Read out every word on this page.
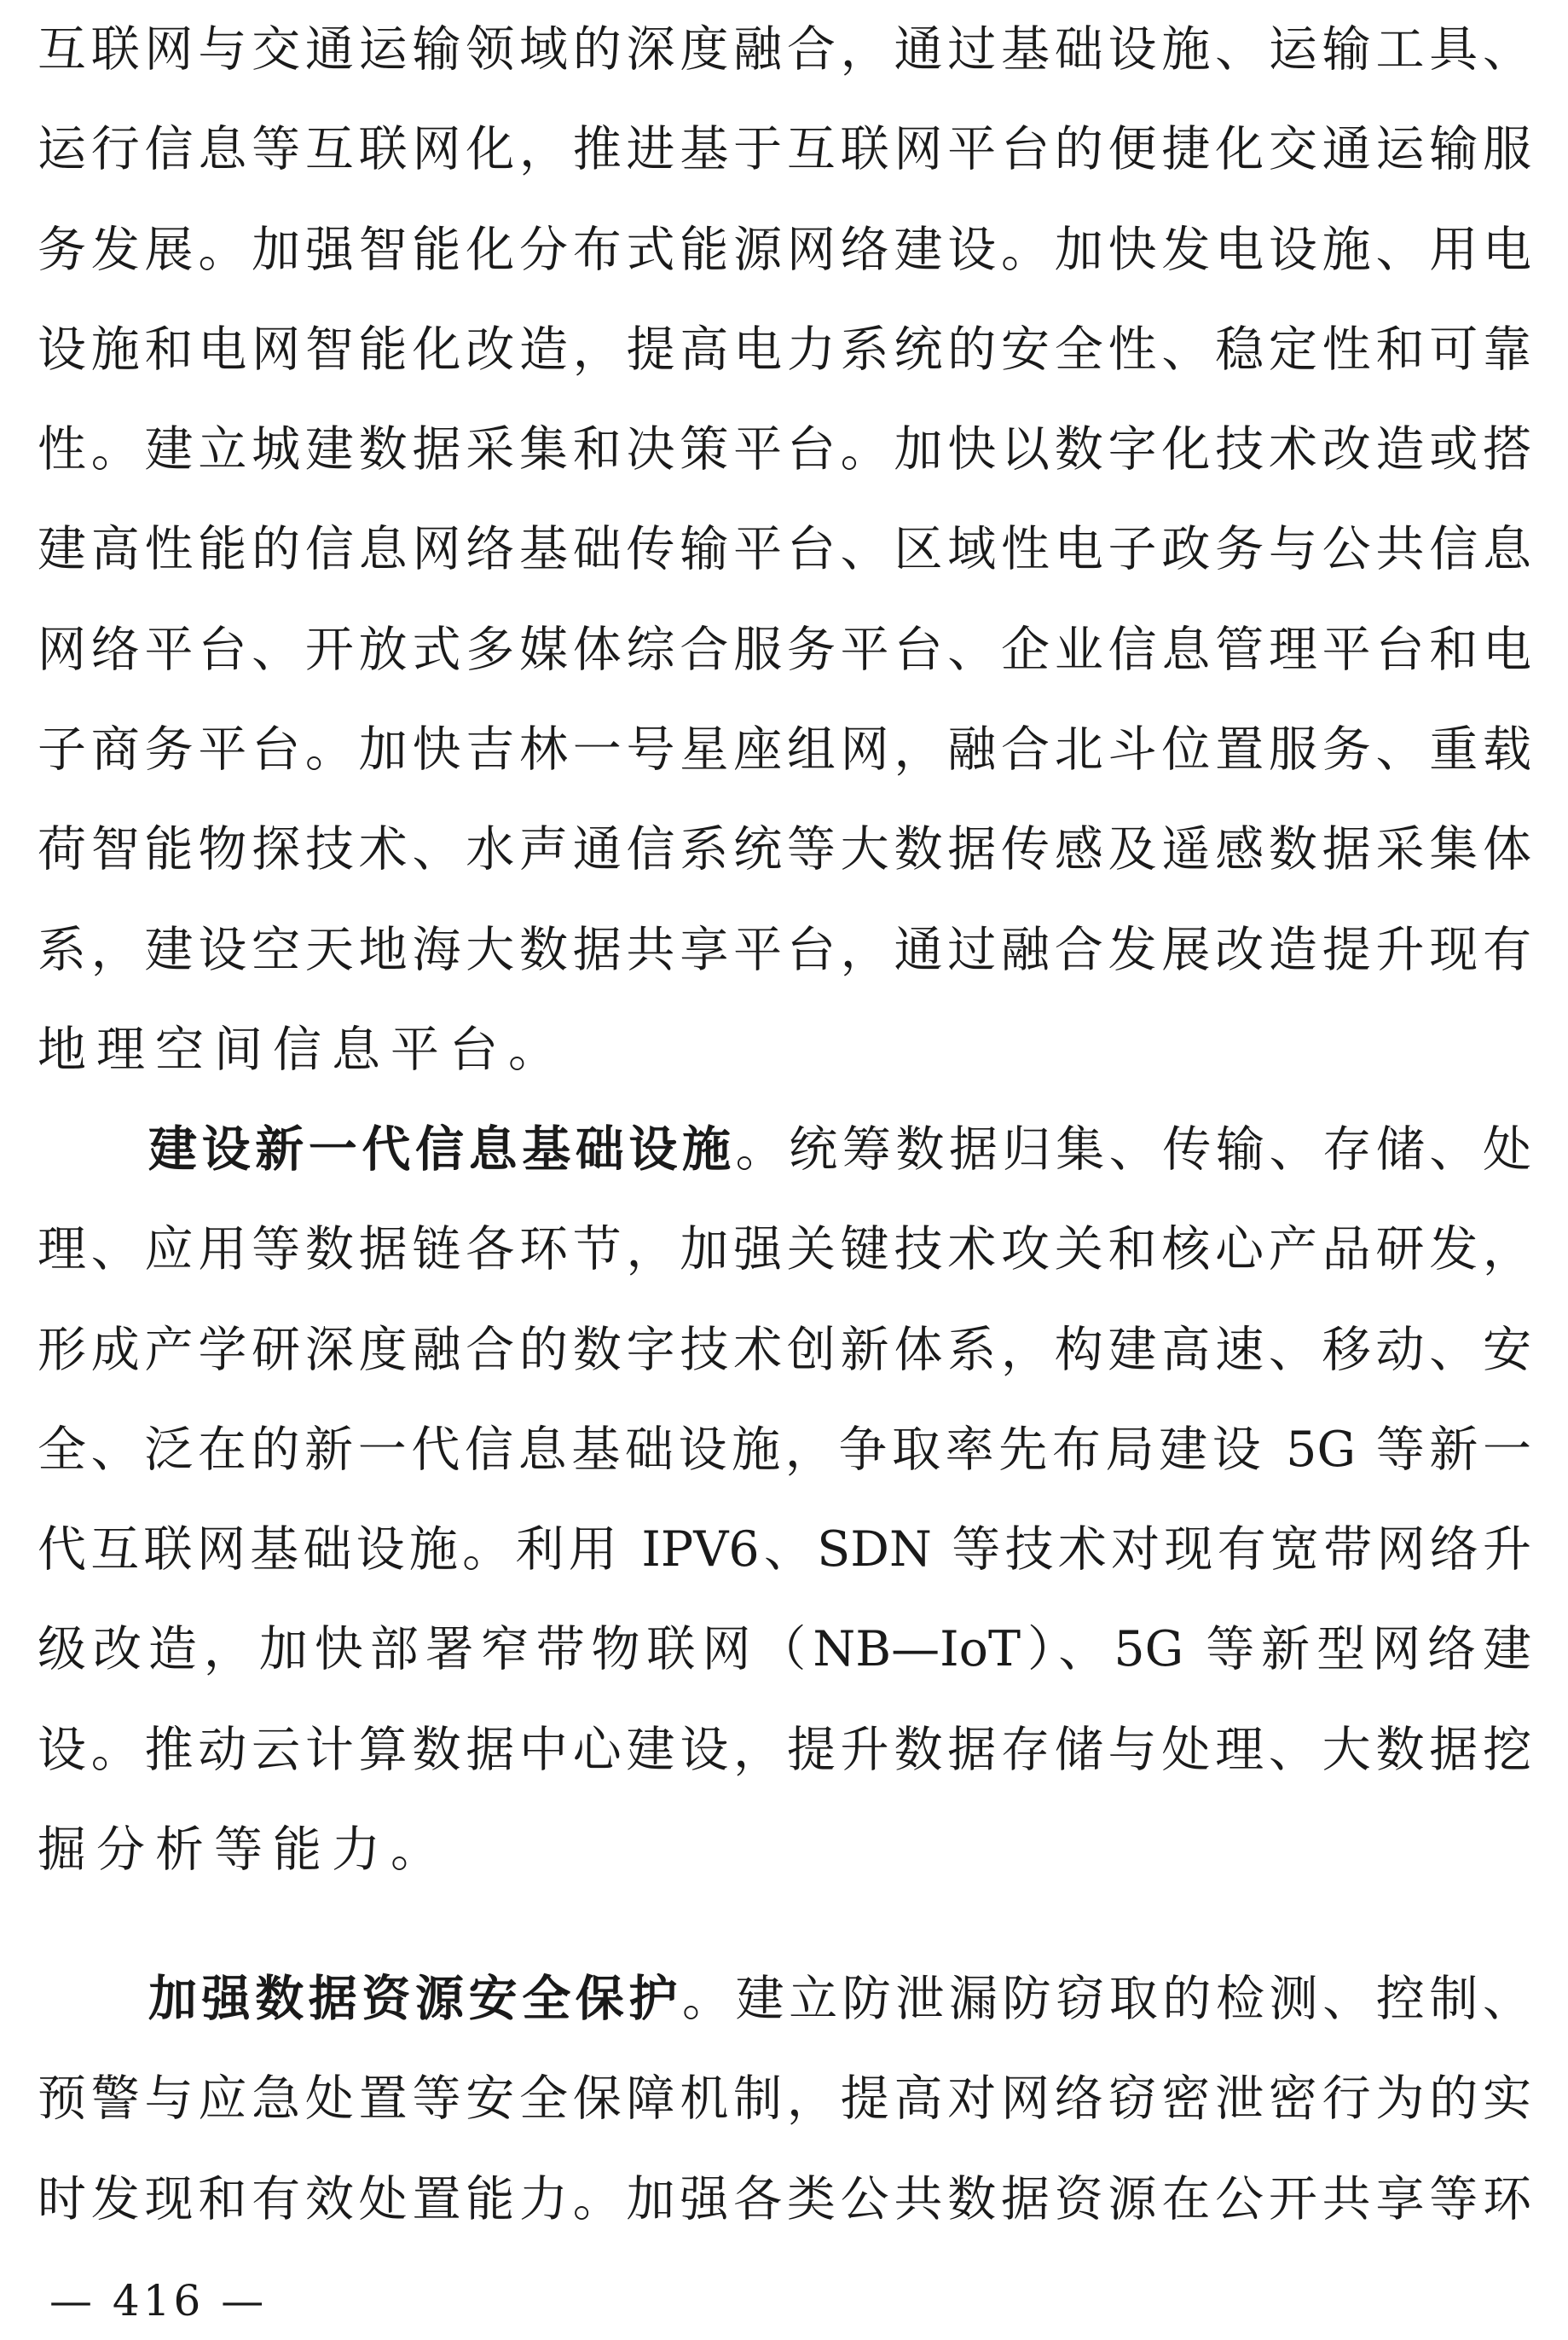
互联网与交通运输领域的深度融合，通过基础设施、运输工具、
运行信息等互联网化，推进基于互联网平台的便捷化交通运输服
务发展。加强智能化分布式能源网络建设。加快发电设施、用电
设施和电网智能化改造，提高电力系统的安全性、稳定性和可靠
性。建立城建数据采集和决策平台。加快以数字化技术改造或搭
建高性能的信息网络基础传输平台、区域性电子政务与公共信息
网络平台、开放式多媒体综合服务平台、企业信息管理平台和电
子商务平台。加快吉林一号星座组网，融合北斗位置服务、重载
荷智能物探技术、水声通信系统等大数据传感及遥感数据采集体
系，建设空天地海大数据共享平台，通过融合发展改造提升现有
地理空间信息平台。
建设新一代信息基础设施。统筹数据归集、传输、存储、处
理、应用等数据链各环节，加强关键技术攻关和核心产品研发，
形成产学研深度融合的数字技术创新体系，构建高速、移动、安
全、泛在的新一代信息基础设施，争取率先布局建设 5G 等新一
代互联网基础设施。利用 IPV6、SDN 等技术对现有宽带网络升
级改造，加快部署窄带物联网（NB—IoT）、5G 等新型网络建
设。推动云计算数据中心建设，提升数据存储与处理、大数据挖
掘分析等能力。
加强数据资源安全保护。建立防泄漏防窃取的检测、控制、
预警与应急处置等安全保障机制，提高对网络窃密泄密行为的实
时发现和有效处置能力。加强各类公共数据资源在公开共享等环
— 416 —
